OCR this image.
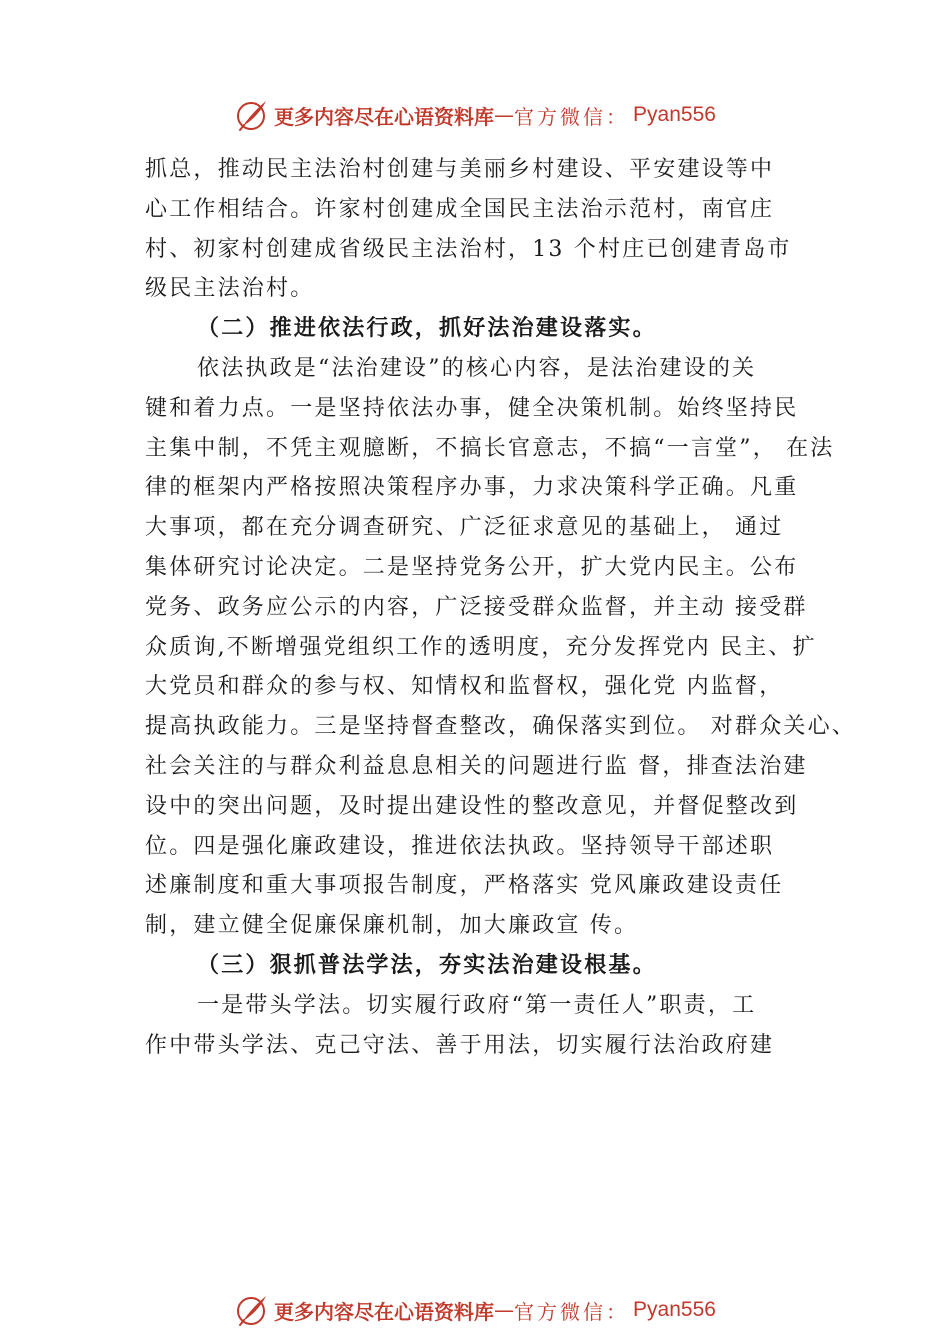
更多内容尽在心语资料库 — 官方微信： Pyan556
抓总，推动民主法治村创建与美丽乡村建设、平安建设等中
心工作相结合。许家村创建成全国民主法治示范村，南官庄
村、初家村创建成省级民主法治村，13 个村庄已创建青岛市
级民主法治村。
（二）推进依法行政，抓好法治建设落实。
依法执政是“法治建设”的核心内容，是法治建设的关
键和着力点。一是坚持依法办事，健全决策机制。始终坚持民
主集中制，不凭主观臆断，不搞长官意志，不搞“一言堂”， 在法
律的框架内严格按照决策程序办事，力求决策科学正确。凡重
大事项，都在充分调查研究、广泛征求意见的基础上， 通过
集体研究讨论决定。二是坚持党务公开，扩大党内民主。公布
党务、政务应公示的内容，广泛接受群众监督，并主动 接受群
众质询,不断增强党组织工作的透明度，充分发挥党内 民主、扩
大党员和群众的参与权、知情权和监督权，强化党 内监督，
提高执政能力。三是坚持督查整改，确保落实到位。 对群众关心、
社会关注的与群众利益息息相关的问题进行监 督，排查法治建
设中的突出问题，及时提出建设性的整改意见，并督促整改到
位。四是强化廉政建设，推进依法执政。坚持领导干部述职
述廉制度和重大事项报告制度，严格落实 党风廉政建设责任
制，建立健全促廉保廉机制，加大廉政宣 传。
（三）狠抓普法学法，夯实法治建设根基。
一是带头学法。切实履行政府“第一责任人”职责，工
作中带头学法、克己守法、善于用法，切实履行法治政府建
更多内容尽在心语资料库 — 官方微信： Pyan556
